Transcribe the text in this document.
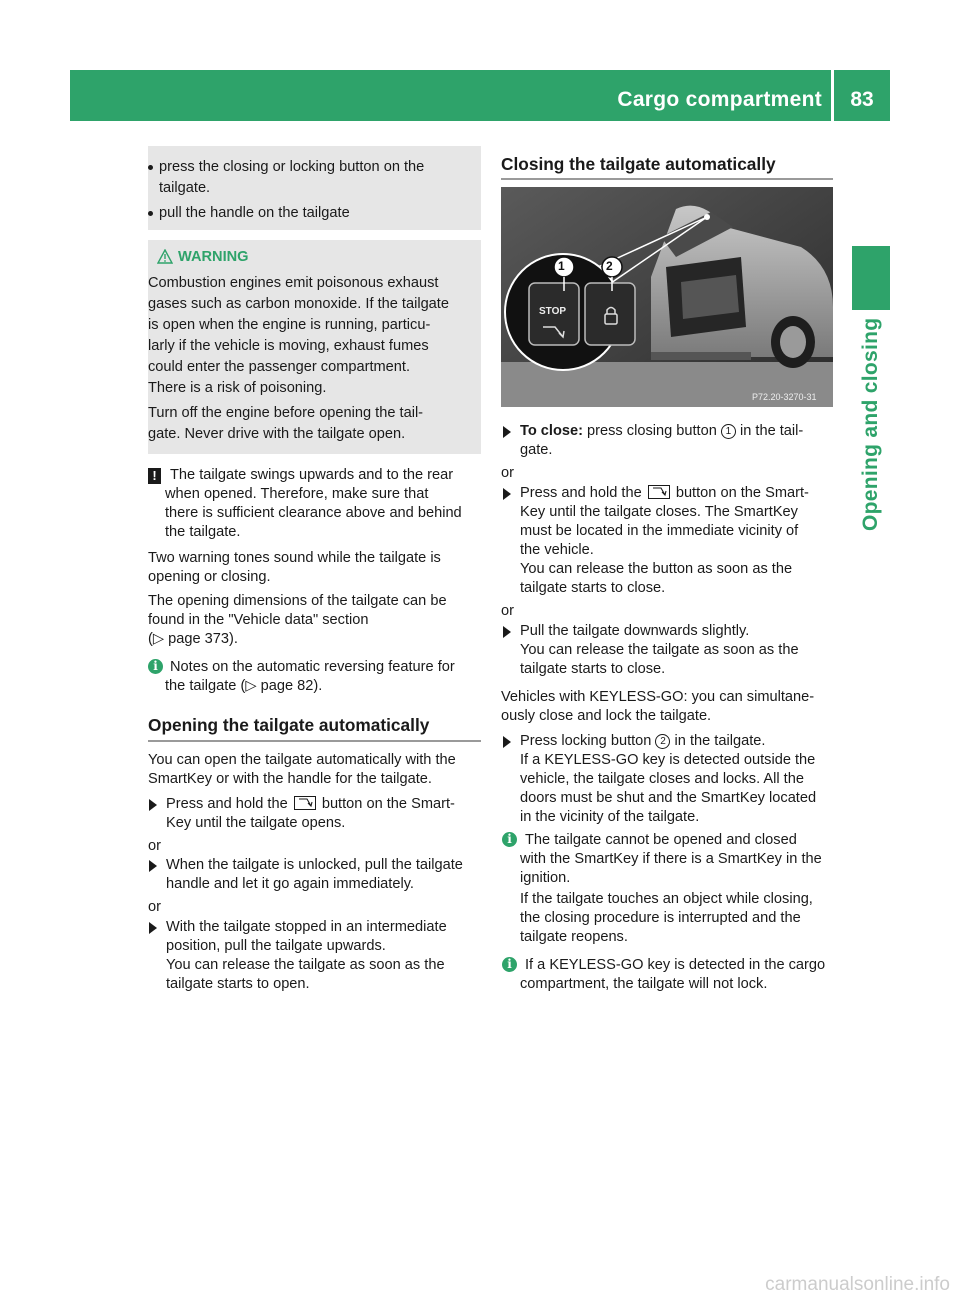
Cargo compartment	83
Opening and closing
press the closing or locking button on the
tailgate.
pull the handle on the tailgate
WARNING
Combustion engines emit poisonous exhaust
gases such as carbon monoxide. If the tailgate
is open when the engine is running, particu-
larly if the vehicle is moving, exhaust fumes
could enter the passenger compartment.
There is a risk of poisoning.
Turn off the engine before opening the tail-
gate. Never drive with the tailgate open.
! The tailgate swings upwards and to the rear
when opened. Therefore, make sure that
there is sufficient clearance above and behind
the tailgate.
Two warning tones sound while the tailgate is
opening or closing.
The opening dimensions of the tailgate can be
found in the "Vehicle data" section
(▷ page 373).
i Notes on the automatic reversing feature for
the tailgate (▷ page 82).
Opening the tailgate automatically
You can open the tailgate automatically with the
SmartKey or with the handle for the tailgate.
Press and hold the button on the Smart-
Key until the tailgate opens.
or
When the tailgate is unlocked, pull the tailgate
handle and let it go again immediately.
or
With the tailgate stopped in an intermediate
position, pull the tailgate upwards.
You can release the tailgate as soon as the
tailgate starts to open.
Closing the tailgate automatically
1	2
STOP
P72.20-3270-31
To close: press closing button 1 in the tail-
gate.
or
Press and hold the button on the Smart-
Key until the tailgate closes. The SmartKey
must be located in the immediate vicinity of
the vehicle.
You can release the button as soon as the
tailgate starts to close.
or
Pull the tailgate downwards slightly.
You can release the tailgate as soon as the
tailgate starts to close.
Vehicles with KEYLESS-GO: you can simultane-
ously close and lock the tailgate.
Press locking button 2 in the tailgate.
If a KEYLESS-GO key is detected outside the
vehicle, the tailgate closes and locks. All the
doors must be shut and the SmartKey located
in the vicinity of the tailgate.
i The tailgate cannot be opened and closed
with the SmartKey if there is a SmartKey in the
ignition.
If the tailgate touches an object while closing,
the closing procedure is interrupted and the
tailgate reopens.
i If a KEYLESS-GO key is detected in the cargo
compartment, the tailgate will not lock.
carmanualsonline.info
